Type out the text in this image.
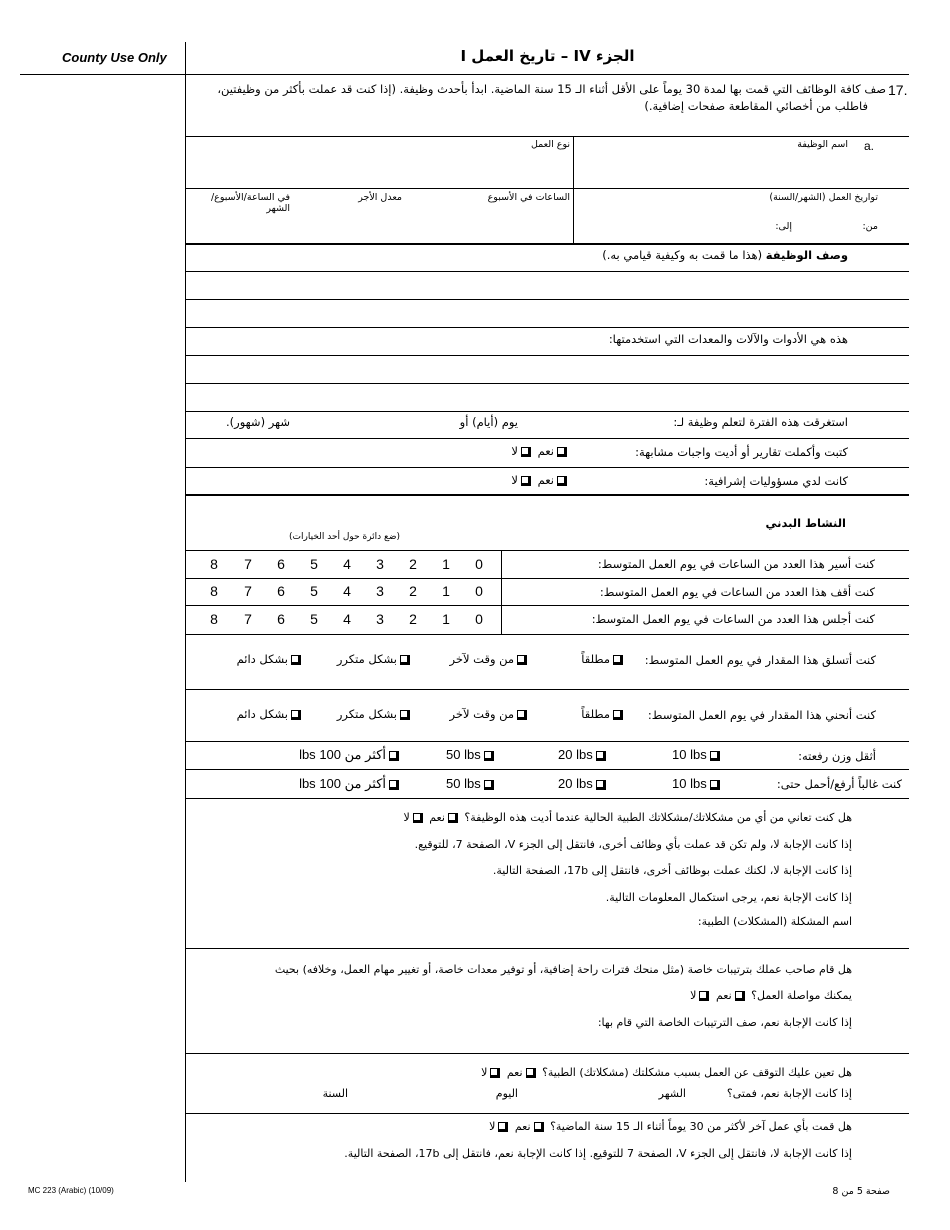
County Use Only	الجزء IV – تاريخ العمل I
17.
صف كافة الوظائف التي قمت بها لمدة 30 يوماً على الأقل أثناء الـ 15 سنة الماضية. ابدأ بأحدث وظيفة. (إذا كنت قد عملت بأكثر من وظيفتين،
فاطلب من أخصائي المقاطعة صفحات إضافية.)
a.
اسم الوظيفة
نوع العمل
تواريخ العمل (الشهر/السنة)
الساعات في الأسبوع
معدل الأجر
في الساعة/الأسبوع/الشهر
من:
إلى:
وصف الوظيفة (هذا ما قمت به وكيفية قيامي به.)
هذه هي الأدوات والآلات والمعدات التي استخدمتها:
استغرقت هذه الفترة لتعلم وظيفة لـ:
يوم (أيام) أو
شهر (شهور).
كتبت وأكملت تقارير أو أديت واجبات مشابهة:
نعم لا
كانت لدي مسؤوليات إشرافية:
نعم لا
النشاط البدني
(ضع دائرة حول أحد الخيارات)
كنت أسير هذا العدد من الساعات في يوم العمل المتوسط:
0
1
2
3
4
5
6
7
8
كنت أقف هذا العدد من الساعات في يوم العمل المتوسط:
0
1
2
3
4
5
6
7
8
كنت أجلس هذا العدد من الساعات في يوم العمل المتوسط:
0
1
2
3
4
5
6
7
8
كنت أتسلق هذا المقدار في يوم العمل المتوسط:
مطلقاً              من وقت لآخر          بشكل متكرر         بشكل دائم
كنت أنحني هذا المقدار في يوم العمل المتوسط:
مطلقاً              من وقت لآخر          بشكل متكرر         بشكل دائم
أثقل وزن رفعته:
10 lbs
20 lbs
50 lbs
أكثر من 100 lbs
كنت غالباً أرفع/أحمل حتى:
10 lbs
20 lbs
50 lbs
أكثر من 100 lbs
هل كنت تعاني من أي من مشكلاتك/مشكلاتك الطبية الحالية عندما أديت هذه الوظيفة؟ نعم لا
إذا كانت الإجابة لا، ولم تكن قد عملت بأي وظائف أخرى، فانتقل إلى الجزء V، الصفحة 7، للتوقيع.
إذا كانت الإجابة لا، لكنك عملت بوظائف أخرى، فانتقل إلى 17b، الصفحة التالية.
إذا كانت الإجابة نعم، يرجى استكمال المعلومات التالية.
اسم المشكلة (المشكلات) الطبية:
هل قام صاحب عملك بترتيبات خاصة (مثل منحك فترات راحة إضافية، أو توفير معدات خاصة، أو تغيير مهام العمل، وخلافه) بحيث
يمكنك مواصلة العمل؟ نعم لا
إذا كانت الإجابة نعم، صف الترتيبات الخاصة التي قام بها:
هل تعين عليك التوقف عن العمل بسبب مشكلتك (مشكلاتك) الطبية؟ نعم لا
إذا كانت الإجابة نعم، فمتى؟
الشهر
اليوم
السنة
هل قمت بأي عمل آخر لأكثر من 30 يوماً أثناء الـ 15 سنة الماضية؟ نعم لا
إذا كانت الإجابة لا، فانتقل إلى الجزء V، الصفحة 7 للتوقيع. إذا كانت الإجابة نعم، فانتقل إلى 17b، الصفحة التالية.
MC 223 (Arabic) (10/09)	صفحة 5 من 8
